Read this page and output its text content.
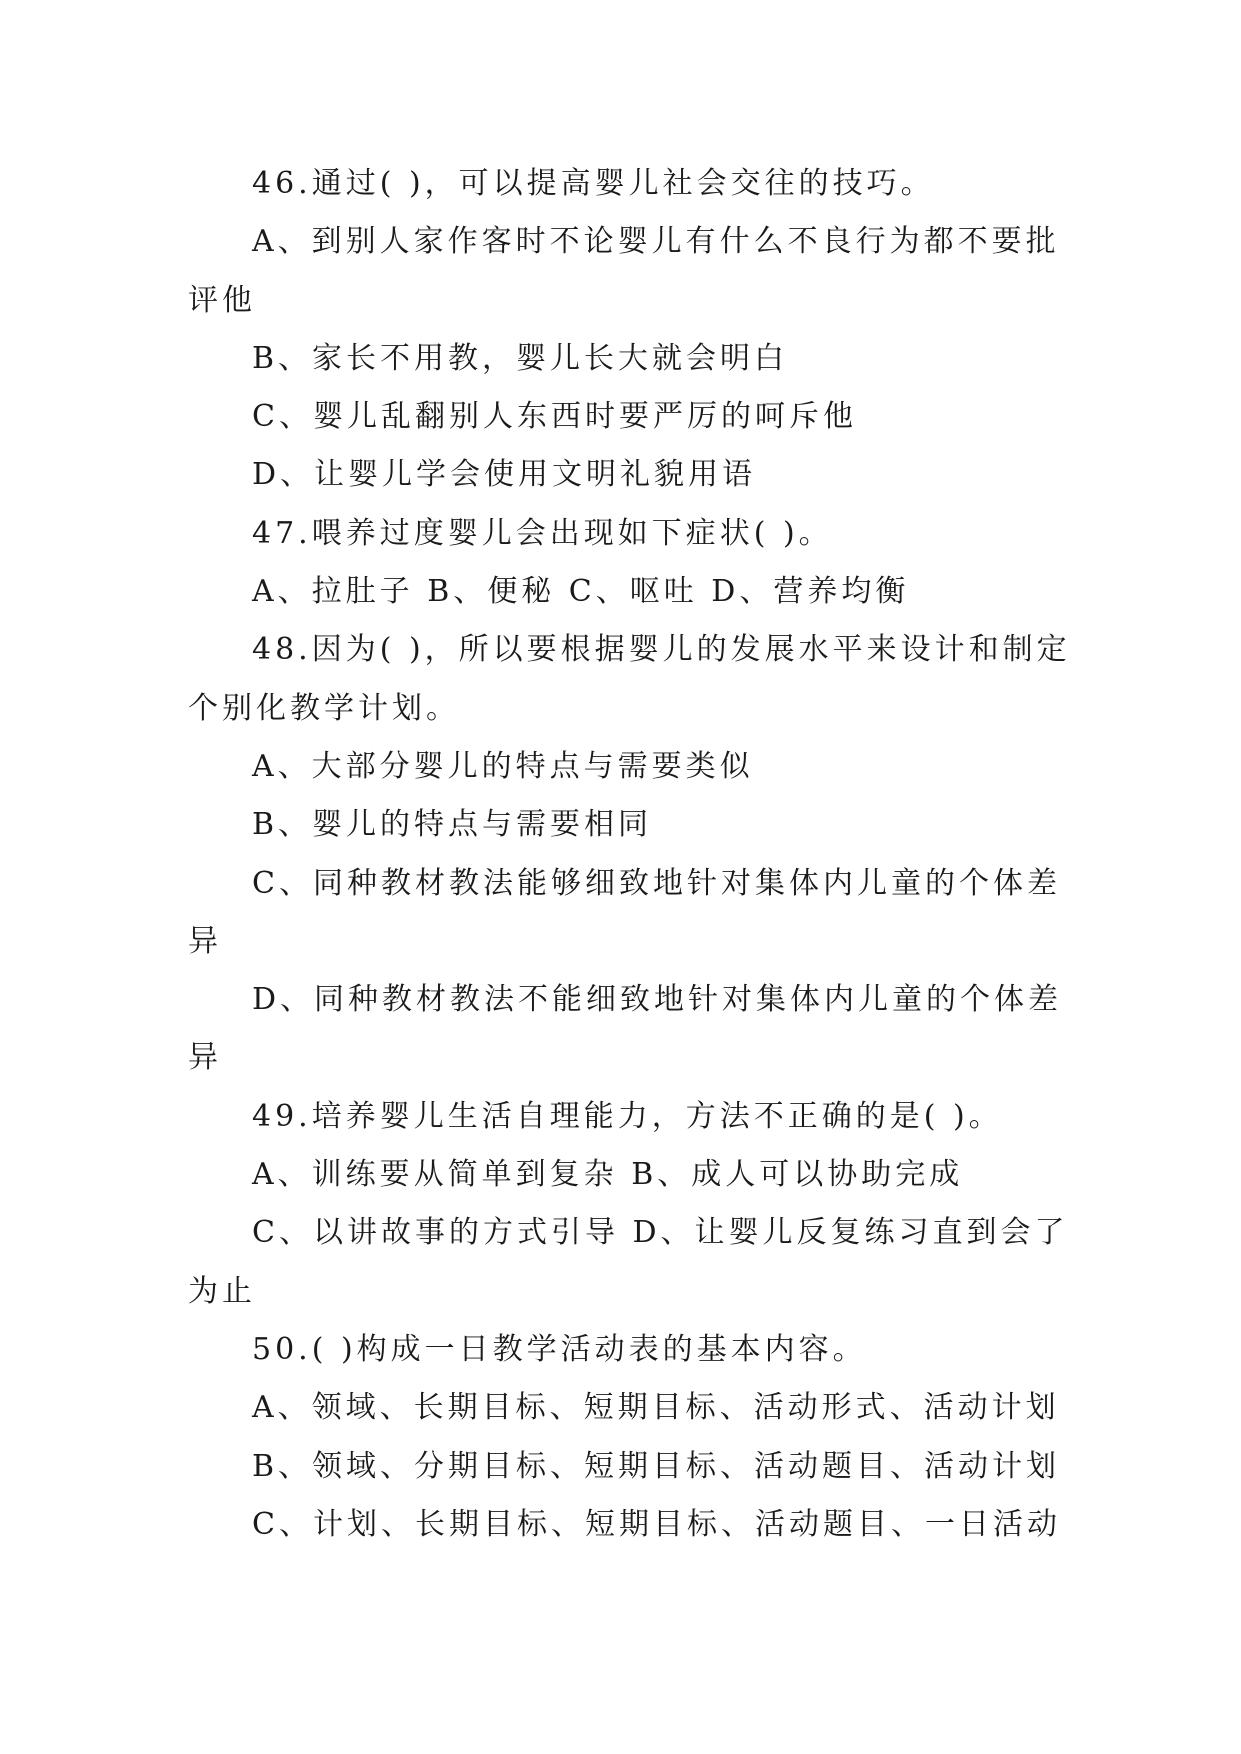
46.通过( )，可以提高婴儿社会交往的技巧。
A、到别人家作客时不论婴儿有什么不良行为都不要批
评他
B、家长不用教，婴儿长大就会明白
C、婴儿乱翻别人东西时要严厉的呵斥他
D、让婴儿学会使用文明礼貌用语
47.喂养过度婴儿会出现如下症状( )。
A、拉肚子 B、便秘 C、呕吐 D、营养均衡
48.因为( )，所以要根据婴儿的发展水平来设计和制定
个别化教学计划。
A、大部分婴儿的特点与需要类似
B、婴儿的特点与需要相同
C、同种教材教法能够细致地针对集体内儿童的个体差
异
D、同种教材教法不能细致地针对集体内儿童的个体差
异
49.培养婴儿生活自理能力，方法不正确的是( )。
A、训练要从简单到复杂 B、成人可以协助完成
C、以讲故事的方式引导 D、让婴儿反复练习直到会了
为止
50.( )构成一日教学活动表的基本内容。
A、领域、长期目标、短期目标、活动形式、活动计划
B、领域、分期目标、短期目标、活动题目、活动计划
C、计划、长期目标、短期目标、活动题目、一日活动
